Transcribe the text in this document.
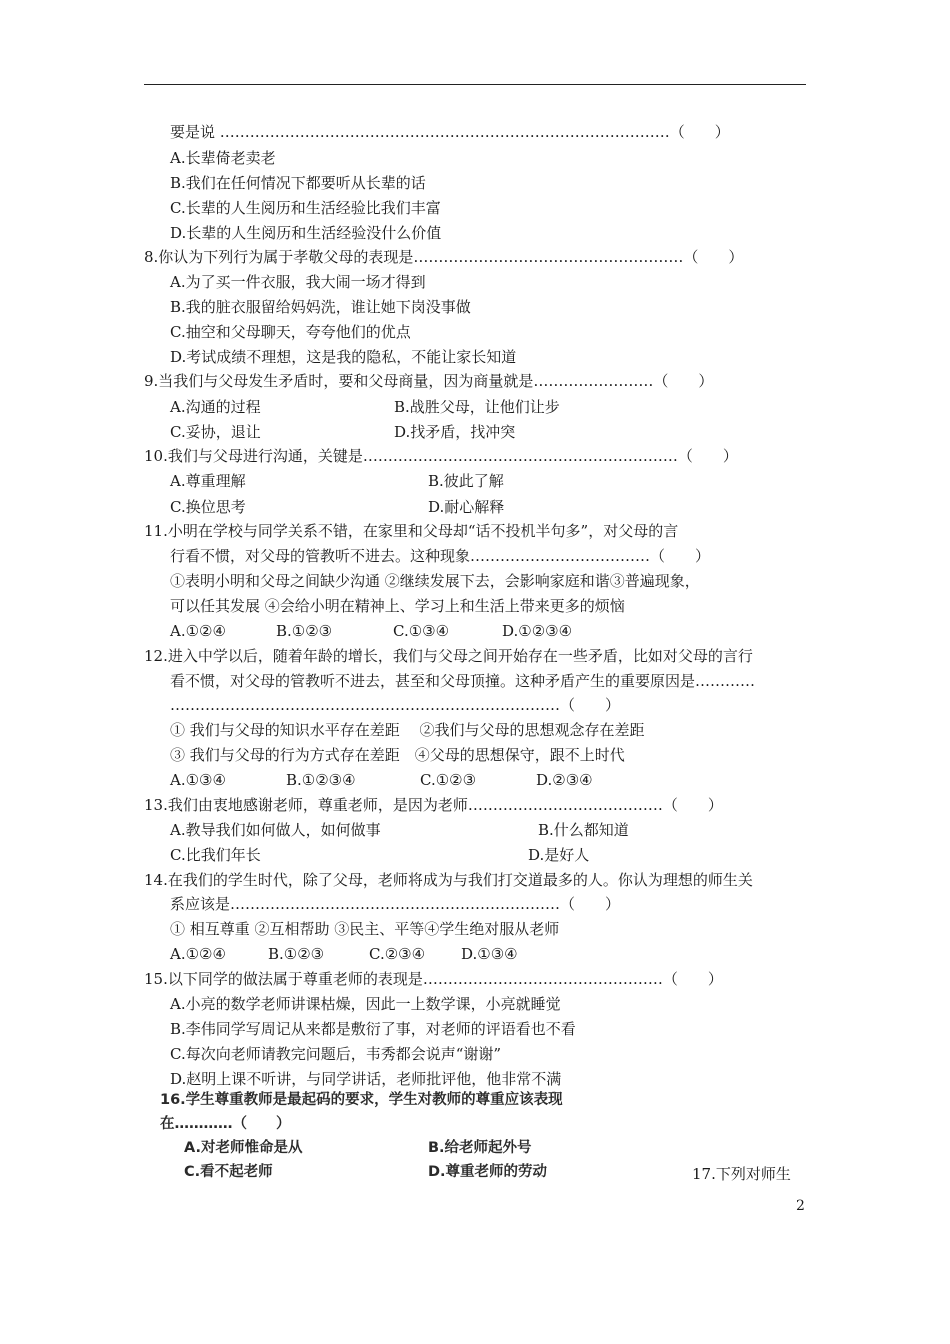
要是说 ………………………………………………………………………………（　　）
A.长辈倚老卖老
B.我们在任何情况下都要听从长辈的话
C.长辈的人生阅历和生活经验比我们丰富
D.长辈的人生阅历和生活经验没什么价值
8.你认为下列行为属于孝敬父母的表现是………………………………………………（　　）
A.为了买一件衣服，我大闹一场才得到
B.我的脏衣服留给妈妈洗，谁让她下岗没事做
C.抽空和父母聊天，夸夸他们的优点
D.考试成绩不理想，这是我的隐私，不能让家长知道
9.当我们与父母发生矛盾时，要和父母商量，因为商量就是……………………（　　）
A.沟通的过程	B.战胜父母，让他们让步
C.妥协，退让	D.找矛盾，找冲突
10.我们与父母进行沟通，关键是………………………………………………………（　　）
A.尊重理解	B.彼此了解
C.换位思考	D.耐心解释
11.小明在学校与同学关系不错，在家里和父母却“话不投机半句多”，对父母的言
行看不惯，对父母的管教听不进去。这种现象………………………………（　　）
①表明小明和父母之间缺少沟通 ②继续发展下去，会影响家庭和谐③普遍现象，
可以任其发展 ④会给小明在精神上、学习上和生活上带来更多的烦恼
A.①②④	B.①②③	C.①③④	D.①②③④
12.进入中学以后，随着年龄的增长，我们与父母之间开始存在一些矛盾，比如对父母的言行
看不惯，对父母的管教听不进去，甚至和父母顶撞。这种矛盾产生的重要原因是…………
……………………………………………………………………（　　）
① 我们与父母的知识水平存在差距　 ②我们与父母的思想观念存在差距
③ 我们与父母的行为方式存在差距　④父母的思想保守，跟不上时代
A.①③④	B.①②③④	C.①②③	D.②③④
13.我们由衷地感谢老师，尊重老师，是因为老师…………………………………（　　）
A.教导我们如何做人，如何做事	B.什么都知道
C.比我们年长	D.是好人
14.在我们的学生时代，除了父母，老师将成为与我们打交道最多的人。你认为理想的师生关
系应该是…………………………………………………………（　　）
① 相互尊重 ②互相帮助 ③民主、平等④学生绝对服从老师
A.①②④	B.①②③	C.②③④ D.①③④
15.以下同学的做法属于尊重老师的表现是…………………………………………（　　）
A.小亮的数学老师讲课枯燥，因此一上数学课，小亮就睡觉
B.李伟同学写周记从来都是敷衍了事，对老师的评语看也不看
C.每次向老师请教完问题后，韦秀都会说声“谢谢”
D.赵明上课不听讲，与同学讲话，老师批评他，他非常不满
16.学生尊重教师是最起码的要求，学生对教师的尊重应该表现
在…………（　　）
A.对老师惟命是从	B.给老师起外号
C.看不起老师	D.尊重老师的劳动	17.下列对师生
2
